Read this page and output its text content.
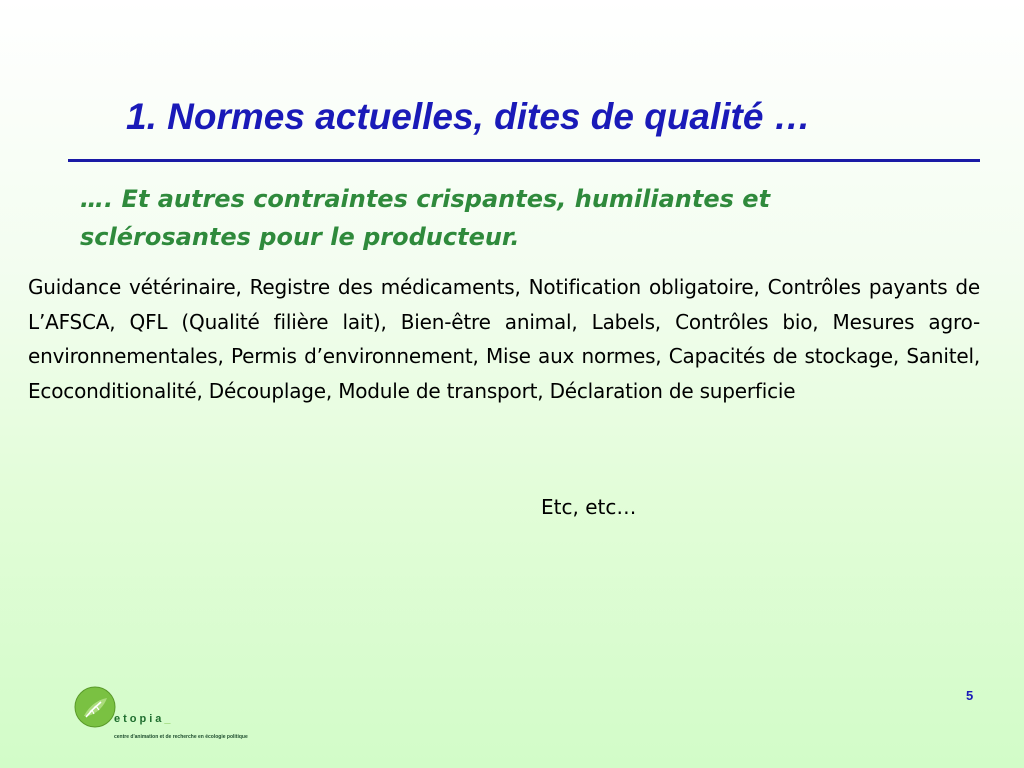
1. Normes actuelles, dites de qualité …

…. Et autres contraintes crispantes, humiliantes et sclérosantes pour le producteur.

Guidance vétérinaire, Registre des médicaments, Notification obligatoire, Contrôles payants de L’AFSCA, QFL (Qualité filière lait), Bien-être animal, Labels, Contrôles bio, Mesures agro-environnementales, Permis d’environnement, Mise aux normes, Capacités de stockage, Sanitel, Ecoconditionalité, Découplage, Module de transport, Déclaration de superficie

Etc, etc…

5
etopia_
centre d'animation et de recherche en écologie politique
